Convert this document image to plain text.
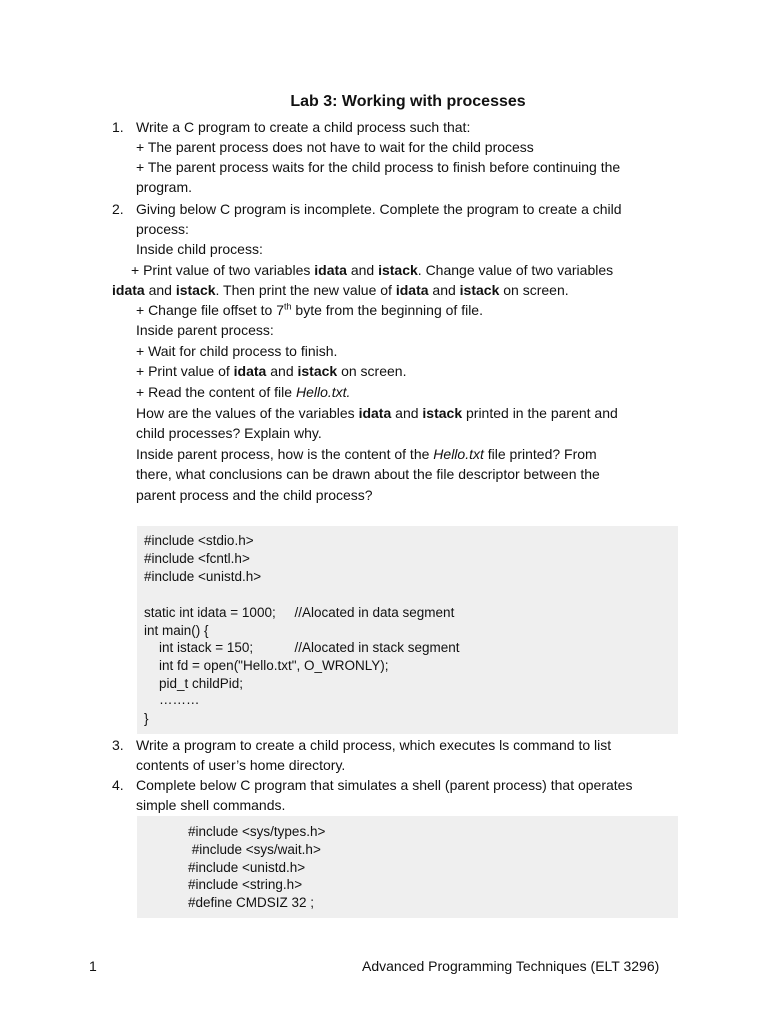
Lab 3: Working with processes
1. Write a C program to create a child process such that:
+ The parent process does not have to wait for the child process
+ The parent process waits for the child process to finish before continuing the
program.
2. Giving below C program is incomplete. Complete the program to create a child
process:
Inside child process:
+ Print value of two variables idata and istack. Change value of two variables
idata and istack. Then print the new value of idata and istack on screen.
+ Change file offset to 7th byte from the beginning of file.
Inside parent process:
+ Wait for child process to finish.
+ Print value of idata and istack on screen.
+ Read the content of file Hello.txt.
How are the values of the variables idata and istack printed in the parent and
child processes? Explain why.
Inside parent process, how is the content of the Hello.txt file printed? From
there, what conclusions can be drawn about the file descriptor between the
parent process and the child process?
#include <stdio.h>
#include <fcntl.h>
#include <unistd.h>
static int idata = 1000;     //Alocated in data segment
int main() {
int istack = 150;           //Alocated in stack segment
int fd = open("Hello.txt", O_WRONLY);
pid_t childPid;
………
}
3. Write a program to create a child process, which executes ls command to list
contents of user’s home directory.
4. Complete below C program that simulates a shell (parent process) that operates
simple shell commands.
#include <sys/types.h>
#include <sys/wait.h>
#include <unistd.h>
#include <string.h>
#define CMDSIZ 32 ;
1	Advanced Programming Techniques (ELT 3296)
